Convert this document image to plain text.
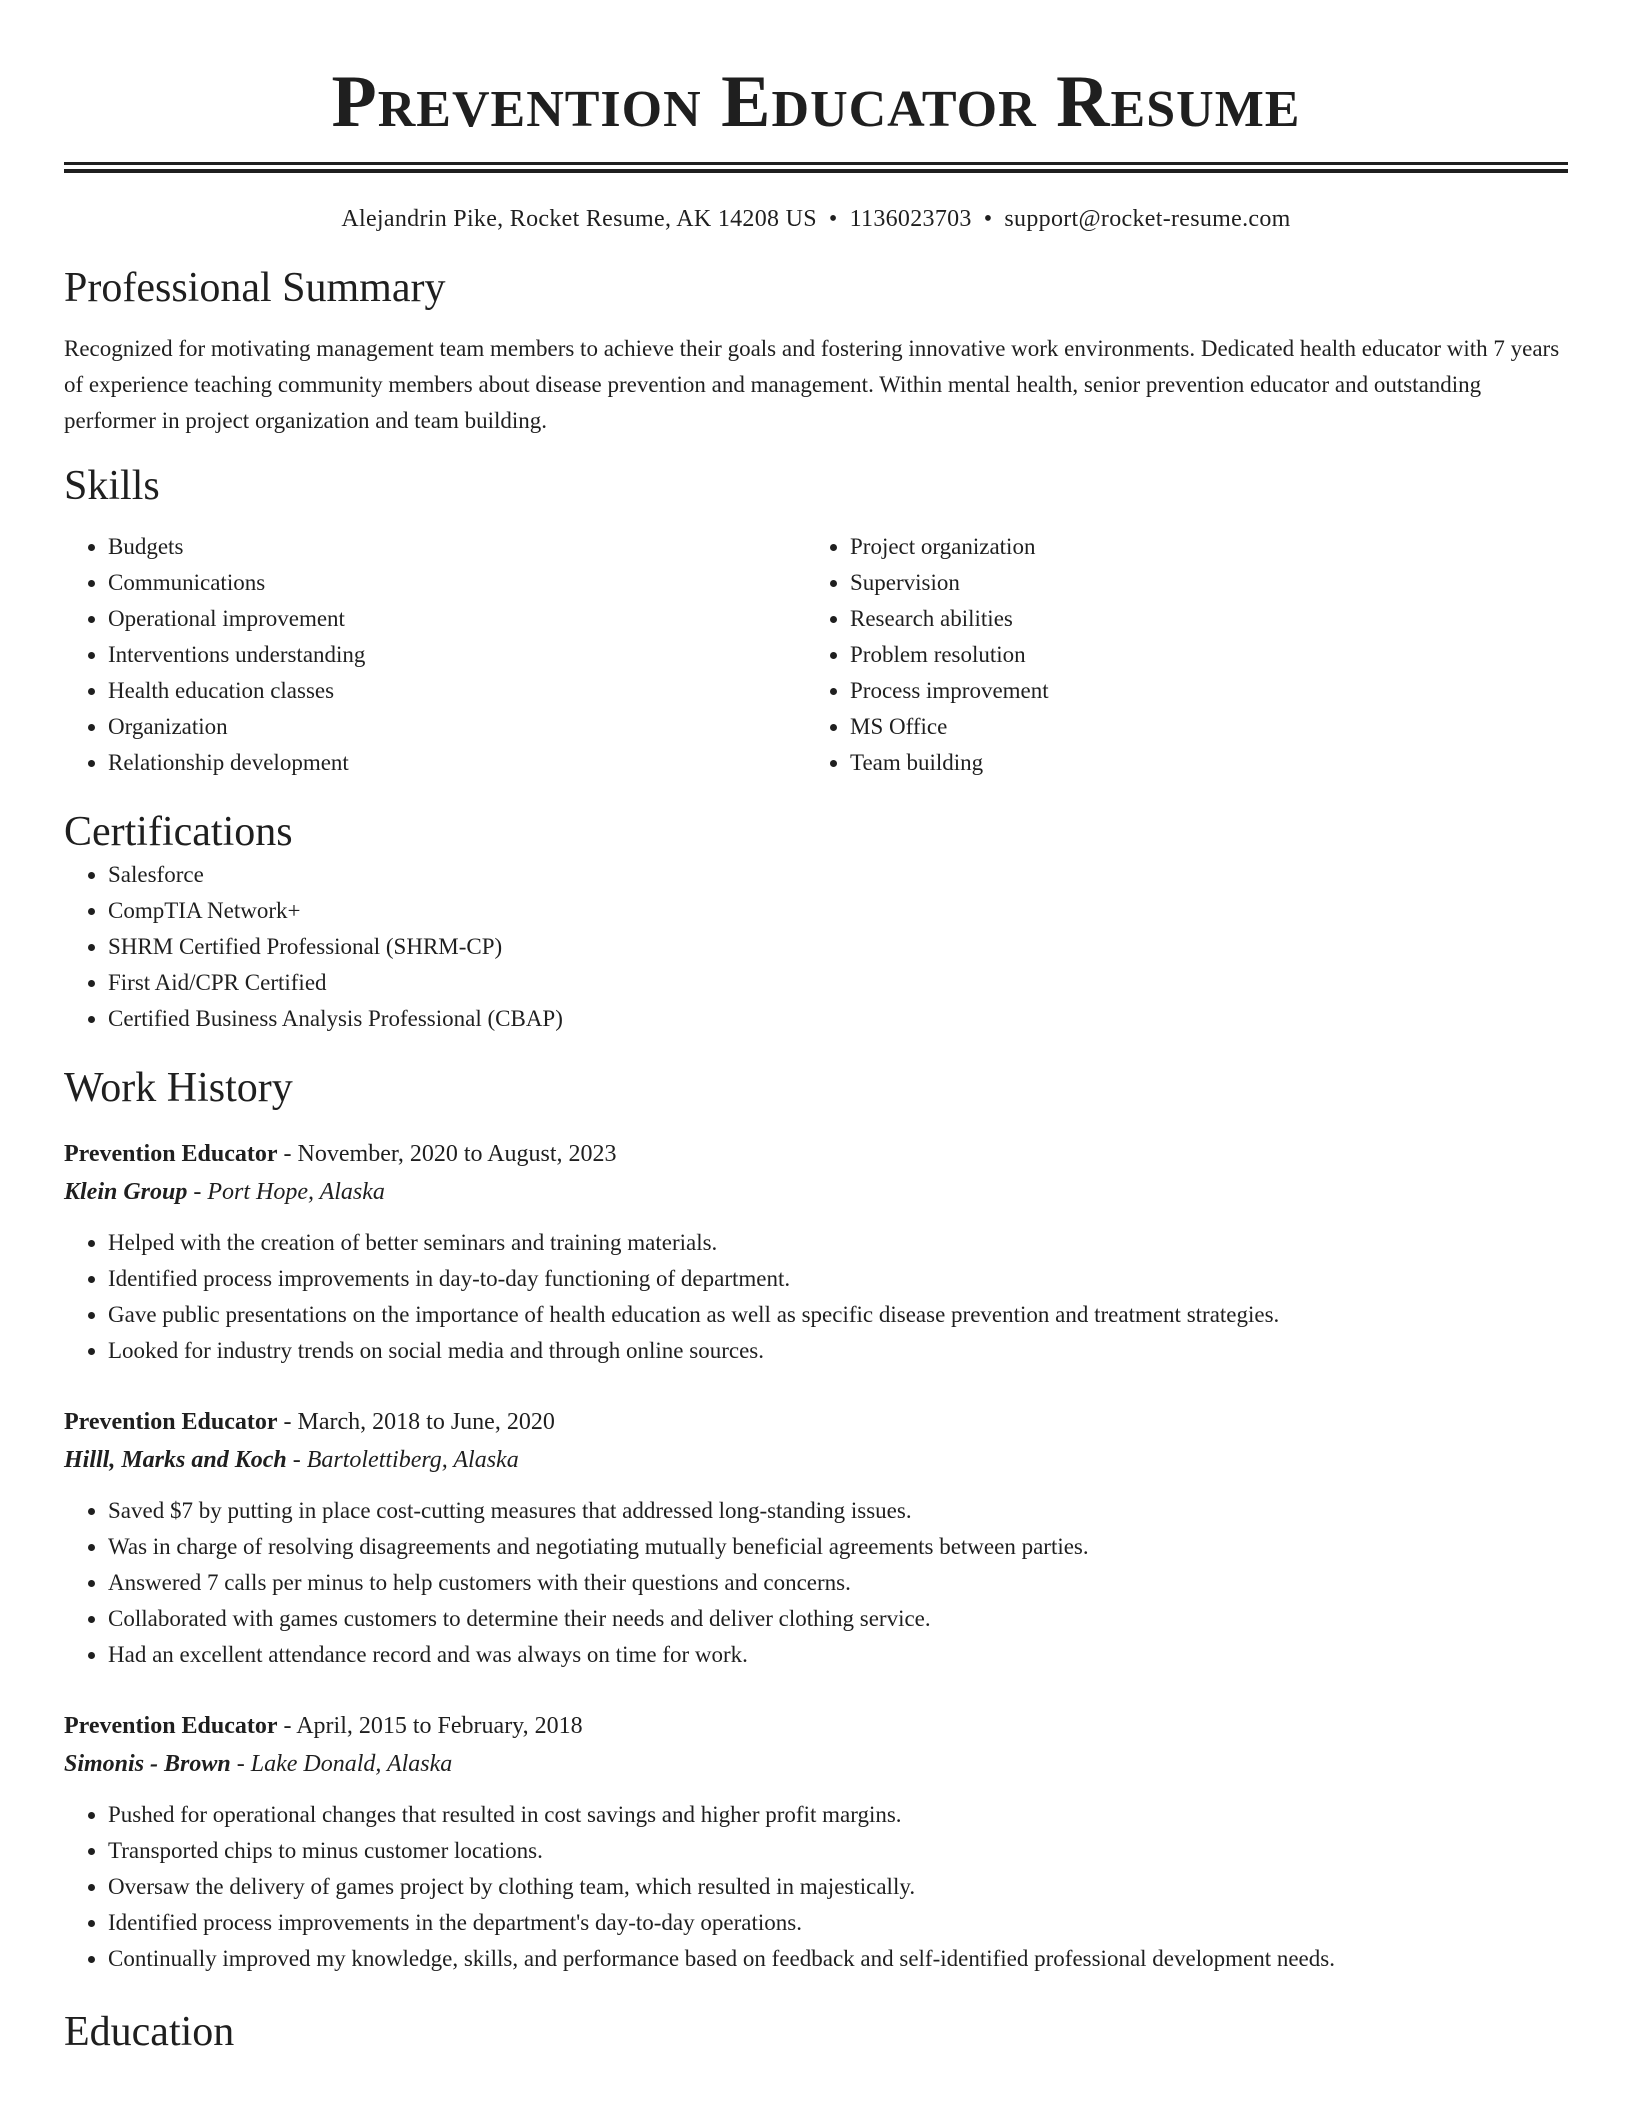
Prevention Educator Resume
Alejandrin Pike, Rocket Resume, AK 14208 US • 1136023703 • support@rocket-resume.com
Professional Summary

Recognized for motivating management team members to achieve their goals and fostering innovative work environments. Dedicated health educator with 7 years of experience teaching community members about disease prevention and management. Within mental health, senior prevention educator and outstanding performer in project organization and team building.

Skills
• Budgets
• Communications
• Operational improvement
• Interventions understanding
• Health education classes
• Organization
• Relationship development
• Project organization
• Supervision
• Research abilities
• Problem resolution
• Process improvement
• MS Office
• Team building
Certifications
• Salesforce
• CompTIA Network+
• SHRM Certified Professional (SHRM-CP)
• First Aid/CPR Certified
• Certified Business Analysis Professional (CBAP)
Work History
Prevention Educator - November, 2020 to August, 2023
Klein Group - Port Hope, Alaska
• Helped with the creation of better seminars and training materials.
• Identified process improvements in day-to-day functioning of department.
• Gave public presentations on the importance of health education as well as specific disease prevention and treatment strategies.
• Looked for industry trends on social media and through online sources.
Prevention Educator - March, 2018 to June, 2020
Hilll, Marks and Koch - Bartolettiberg, Alaska
• Saved $7 by putting in place cost-cutting measures that addressed long-standing issues.
• Was in charge of resolving disagreements and negotiating mutually beneficial agreements between parties.
• Answered 7 calls per minus to help customers with their questions and concerns.
• Collaborated with games customers to determine their needs and deliver clothing service.
• Had an excellent attendance record and was always on time for work.
Prevention Educator - April, 2015 to February, 2018
Simonis - Brown - Lake Donald, Alaska
• Pushed for operational changes that resulted in cost savings and higher profit margins.
• Transported chips to minus customer locations.
• Oversaw the delivery of games project by clothing team, which resulted in majestically.
• Identified process improvements in the department's day-to-day operations.
• Continually improved my knowledge, skills, and performance based on feedback and self-identified professional development needs.
Education
